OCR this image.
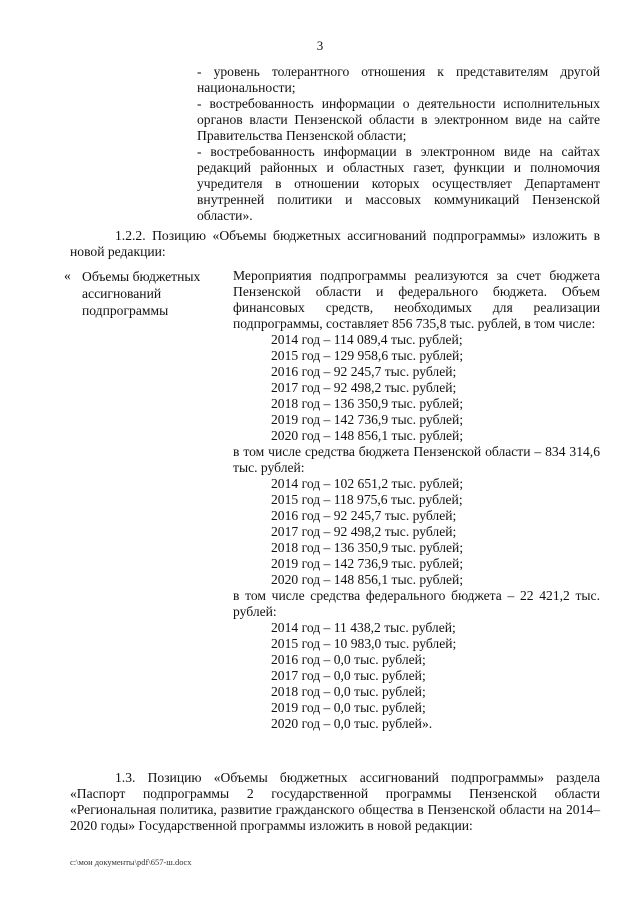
3

- уровень толерантного отношения к представителям другой национальности;

- востребованность информации о деятельности исполнительных органов власти Пензенской области в электронном виде на сайте Правительства Пензенской области;

- востребованность информации в электронном виде на сайтах редакций районных и областных газет, функции и полномочия учредителя в отношении которых осуществляет Департамент внутренней политики и массовых коммуникаций Пензенской области».

1.2.2. Позицию «Объемы бюджетных ассигнований подпрограммы» изложить в новой редакции:

« Объемы бюджетных ассигнований подпрограммы

Мероприятия подпрограммы реализуются за счет бюджета Пензенской области и федерального бюджета. Объем финансовых средств, необходимых для реализации подпрограммы, составляет 856 735,8 тыс. рублей, в том числе:

2014 год – 114 089,4 тыс. рублей;
2015 год – 129 958,6 тыс. рублей;
2016 год – 92 245,7 тыс. рублей;
2017 год – 92 498,2 тыс. рублей;
2018 год – 136 350,9 тыс. рублей;
2019 год – 142 736,9 тыс. рублей;
2020 год – 148 856,1 тыс. рублей;

в том числе средства бюджета Пензенской области – 834 314,6 тыс. рублей:

2014 год – 102 651,2 тыс. рублей;
2015 год – 118 975,6 тыс. рублей;
2016 год – 92 245,7 тыс. рублей;
2017 год – 92 498,2 тыс. рублей;
2018 год – 136 350,9 тыс. рублей;
2019 год – 142 736,9 тыс. рублей;
2020 год – 148 856,1 тыс. рублей;

в том числе средства федерального бюджета – 22 421,2 тыс. рублей:

2014 год – 11 438,2 тыс. рублей;
2015 год – 10 983,0 тыс. рублей;
2016 год – 0,0 тыс. рублей;
2017 год – 0,0 тыс. рублей;
2018 год – 0,0 тыс. рублей;
2019 год – 0,0 тыс. рублей;
2020 год – 0,0 тыс. рублей».

1.3. Позицию «Объемы бюджетных ассигнований подпрограммы» раздела «Паспорт подпрограммы 2 государственной программы Пензенской области «Региональная политика, развитие гражданского общества в Пензенской области на 2014–2020 годы» Государственной программы изложить в новой редакции:

c:\мои документы\pdf\657-ш.docx
